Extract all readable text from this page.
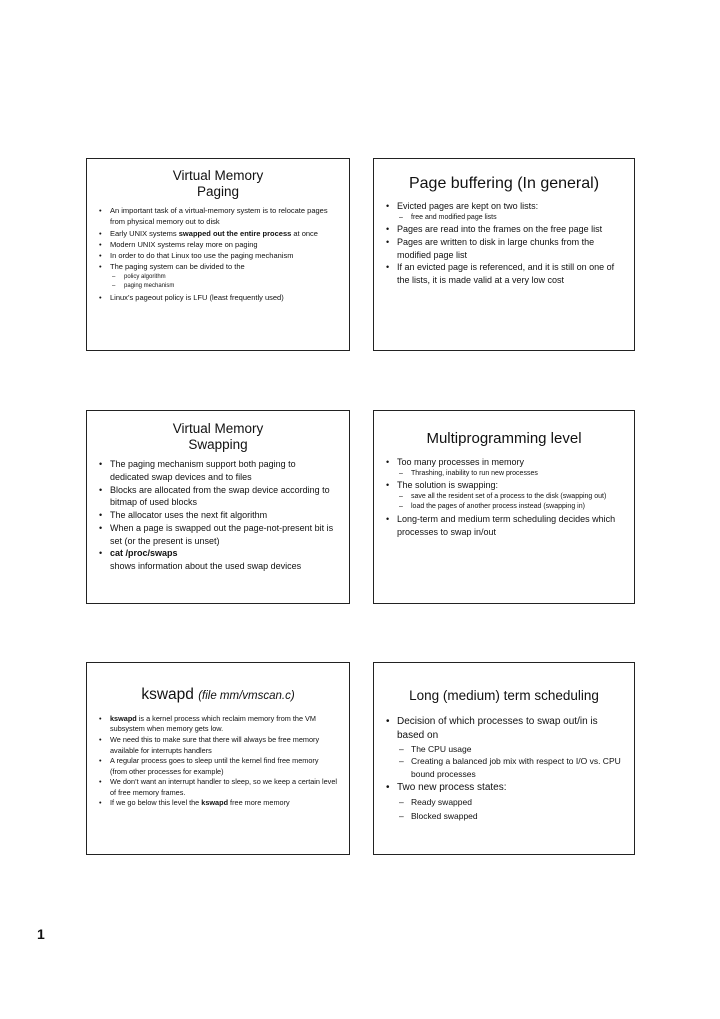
Virtual Memory
Paging
• An important task of a virtual-memory system is to relocate pages from physical memory out to disk
• Early UNIX systems swapped out the entire process at once
• Modern UNIX systems relay more on paging
• In order to do that Linux too use the paging mechanism
• The paging system can be divided to the
– policy algorithm
– paging mechanism
• Linux’s pageout policy is LFU (least frequently used)
Page buffering (In general)
• Evicted pages are kept on two lists:
– free and modified page lists
• Pages are read into the frames on the free page list
• Pages are written to disk in large chunks from the modified page list
• If an evicted page is referenced, and it is still on one of the lists, it is made valid at a very low cost
Virtual Memory
Swapping
• The paging mechanism support both paging to dedicated swap devices and to files
• Blocks are allocated from the swap device according to bitmap of used blocks
• The allocator uses the next fit algorithm
• When a page is swapped out the page-not-present bit is set (or the present is unset)
• cat /proc/swaps
shows information about the used swap devices
Multiprogramming level
• Too many processes in memory
– Thrashing, inability to run new processes
• The solution is swapping:
– save all the resident set of a process to the disk (swapping out)
– load the pages of another process instead (swapping in)
• Long-term and medium term scheduling decides which processes to swap in/out
kswapd (file mm/vmscan.c)
• kswapd is a kernel process which reclaim memory from the VM subsystem when memory gets low.
• We need this to make sure that there will always be free memory available for interrupts handlers
• A regular process goes to sleep until the kernel find free memory (from other processes for example)
• We don’t want an interrupt handler to sleep, so we keep a certain level of free memory frames.
• If we go below this level the kswapd free more memory
Long (medium) term scheduling
• Decision of which processes to swap out/in is based on
– The CPU usage
– Creating a balanced job mix with respect to I/O vs. CPU bound processes
• Two new process states:
– Ready swapped
– Blocked swapped
1
